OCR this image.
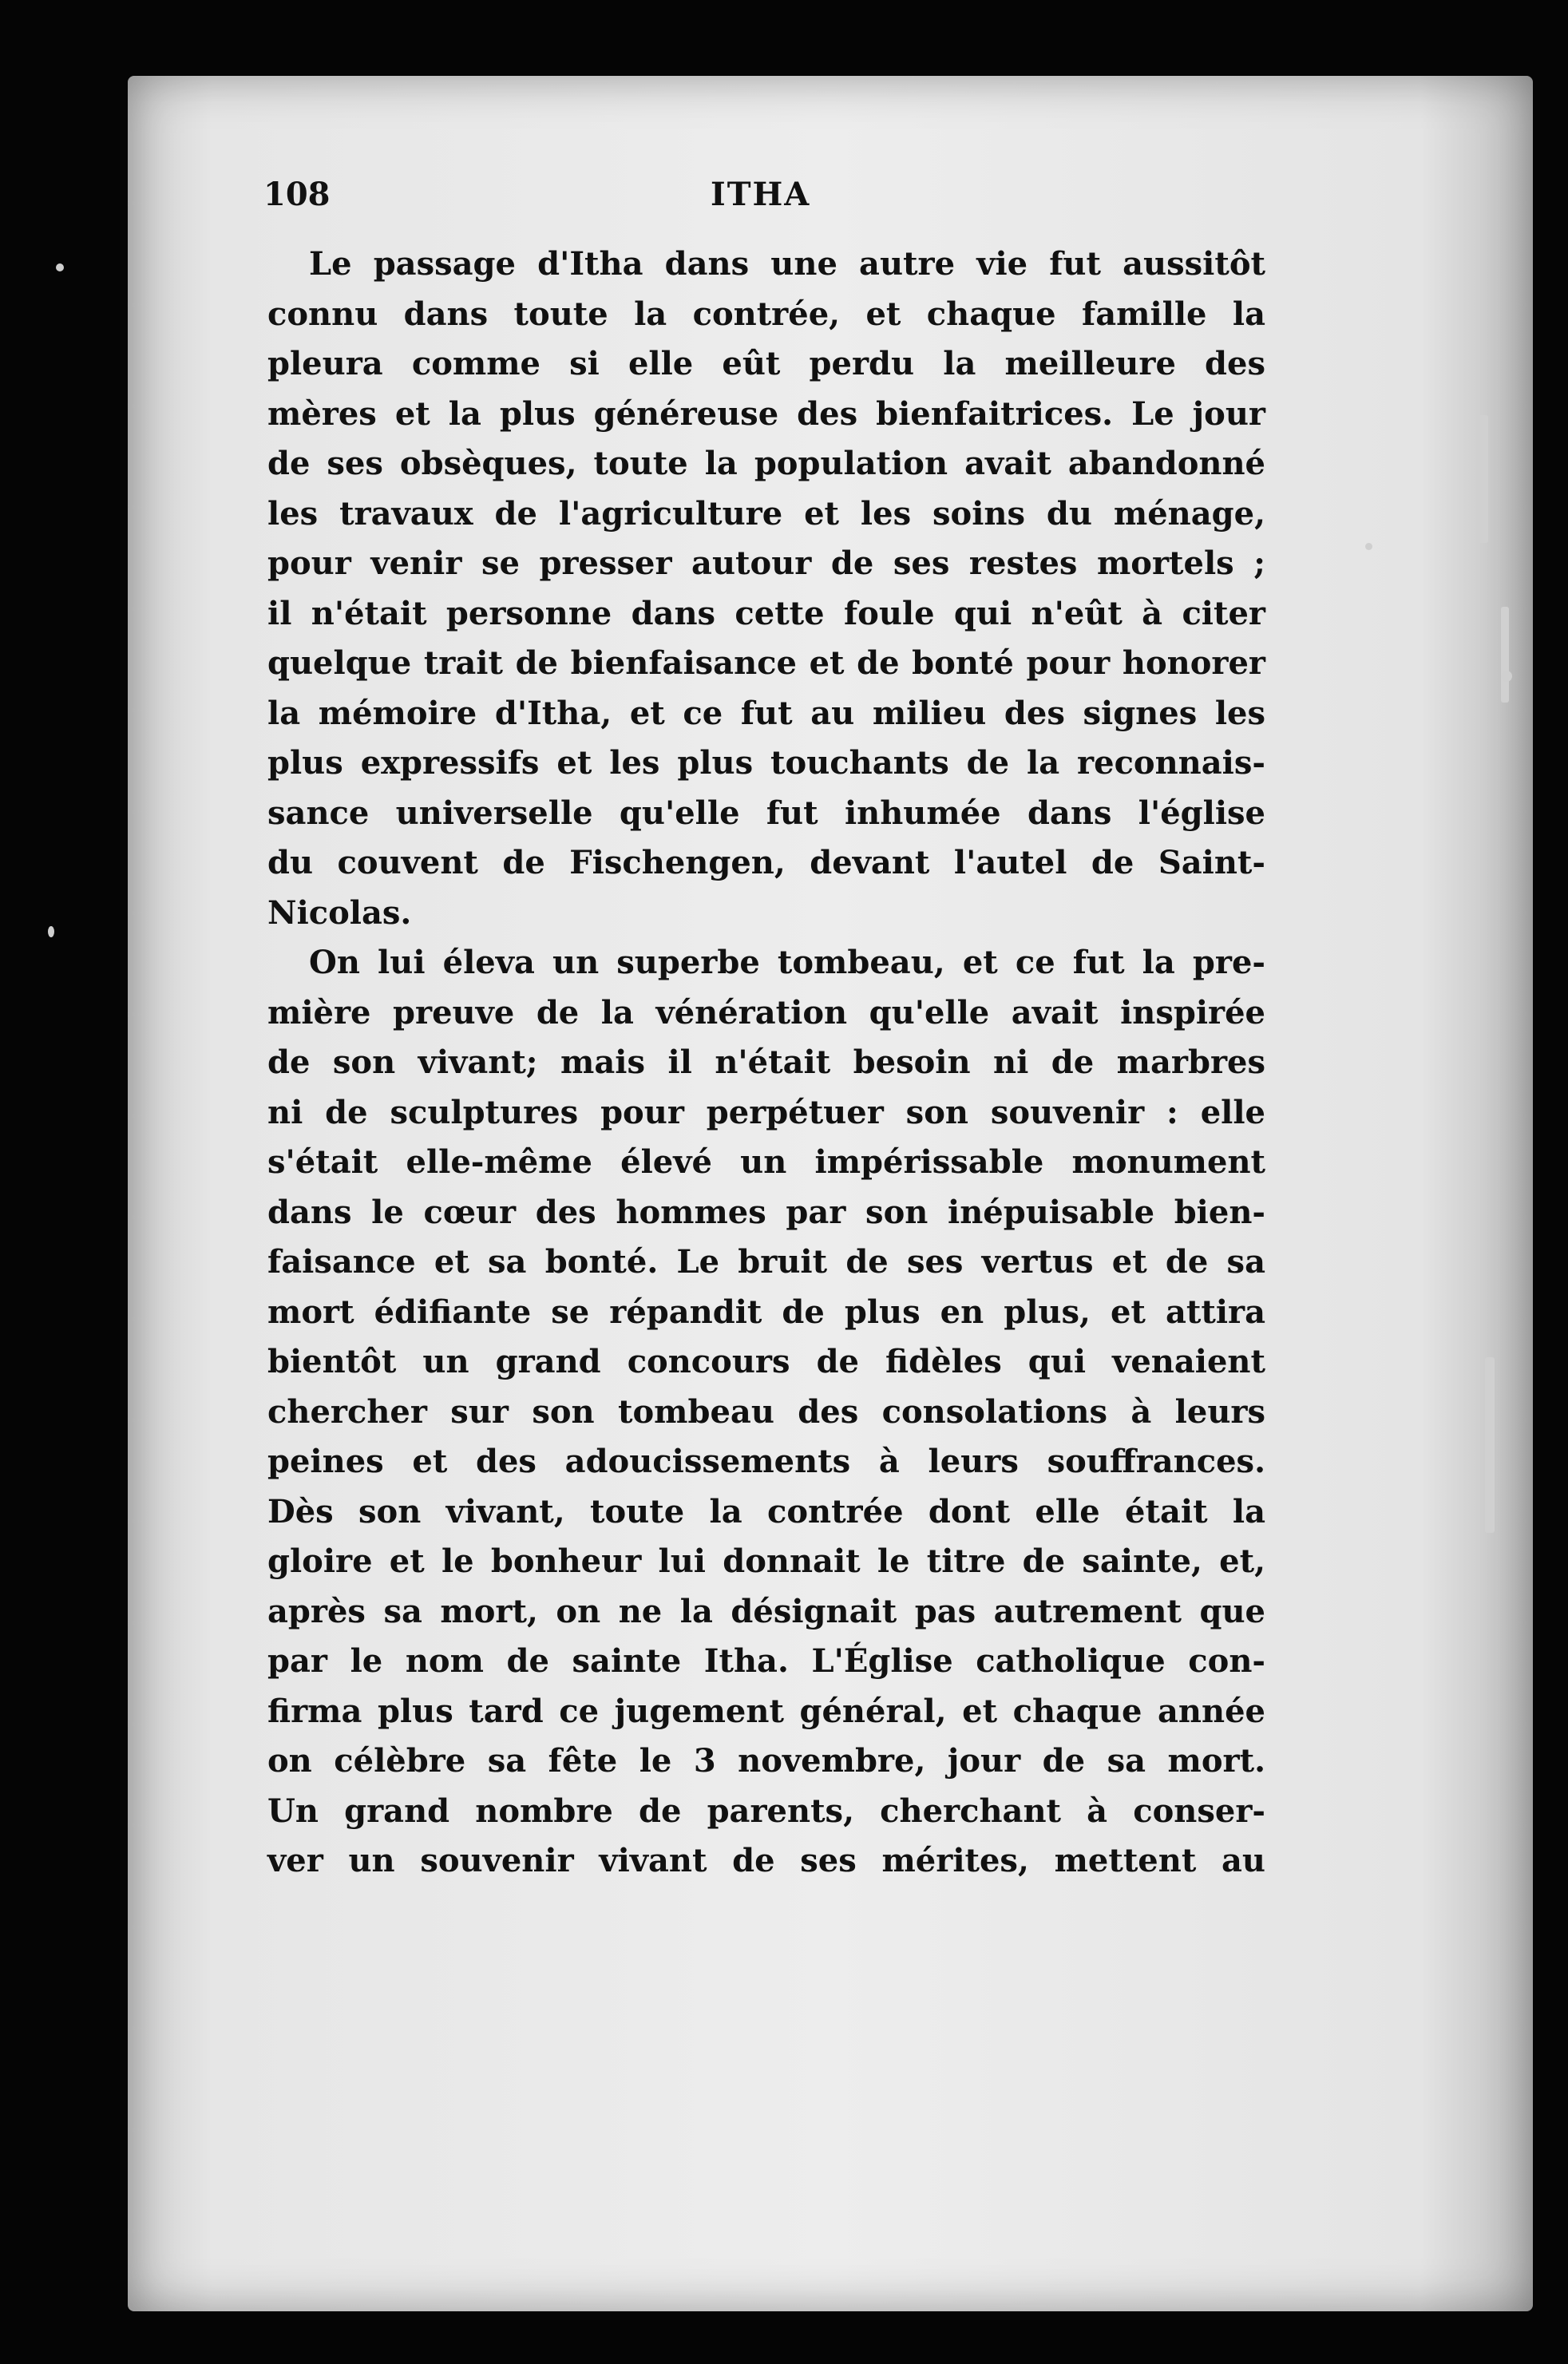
108	ITHA
Le passage d'Itha dans une autre vie fut aussitôt
connu dans toute la contrée, et chaque famille la
pleura comme si elle eût perdu la meilleure des
mères et la plus généreuse des bienfaitrices. Le jour
de ses obsèques, toute la population avait abandonné
les travaux de l'agriculture et les soins du ménage,
pour venir se presser autour de ses restes mortels ;
il n'était personne dans cette foule qui n'eût à citer
quelque trait de bienfaisance et de bonté pour honorer
la mémoire d'Itha, et ce fut au milieu des signes les
plus expressifs et les plus touchants de la reconnais-
sance universelle qu'elle fut inhumée dans l'église
du couvent de Fischengen, devant l'autel de Saint-
Nicolas.
On lui éleva un superbe tombeau, et ce fut la pre-
mière preuve de la vénération qu'elle avait inspirée
de son vivant; mais il n'était besoin ni de marbres
ni de sculptures pour perpétuer son souvenir : elle
s'était elle-même élevé un impérissable monument
dans le cœur des hommes par son inépuisable bien-
faisance et sa bonté. Le bruit de ses vertus et de sa
mort édifiante se répandit de plus en plus, et attira
bientôt un grand concours de fidèles qui venaient
chercher sur son tombeau des consolations à leurs
peines et des adoucissements à leurs souffrances.
Dès son vivant, toute la contrée dont elle était la
gloire et le bonheur lui donnait le titre de sainte, et,
après sa mort, on ne la désignait pas autrement que
par le nom de sainte Itha. L'Église catholique con-
firma plus tard ce jugement général, et chaque année
on célèbre sa fête le 3 novembre, jour de sa mort.
Un grand nombre de parents, cherchant à conser-
ver un souvenir vivant de ses mérites, mettent au
